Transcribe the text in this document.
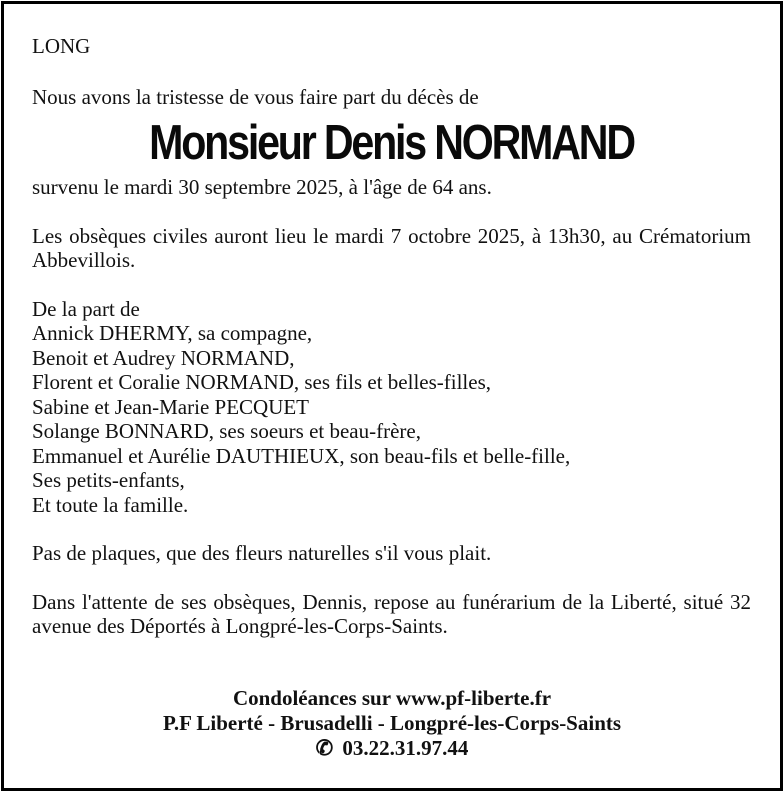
LONG
Nous avons la tristesse de vous faire part du décès de
Monsieur Denis NORMAND
survenu le mardi 30 septembre 2025, à l'âge de 64 ans.
Les obsèques civiles auront lieu le mardi 7 octobre 2025, à 13h30, au Crématorium Abbevillois.
De la part de
Annick DHERMY, sa compagne,
Benoit et Audrey NORMAND,
Florent et Coralie NORMAND, ses fils et belles-filles,
Sabine et Jean-Marie PECQUET
Solange BONNARD, ses soeurs et beau-frère,
Emmanuel et Aurélie DAUTHIEUX, son beau-fils et belle-fille,
Ses petits-enfants,
Et toute la famille.
Pas de plaques, que des fleurs naturelles s'il vous plait.
Dans l'attente de ses obsèques, Dennis, repose au funérarium de la Liberté, situé 32 avenue des Déportés à Longpré-les-Corps-Saints.
Condoléances sur www.pf-liberte.fr
P.F Liberté - Brusadelli - Longpré-les-Corps-Saints
✆ 03.22.31.97.44
